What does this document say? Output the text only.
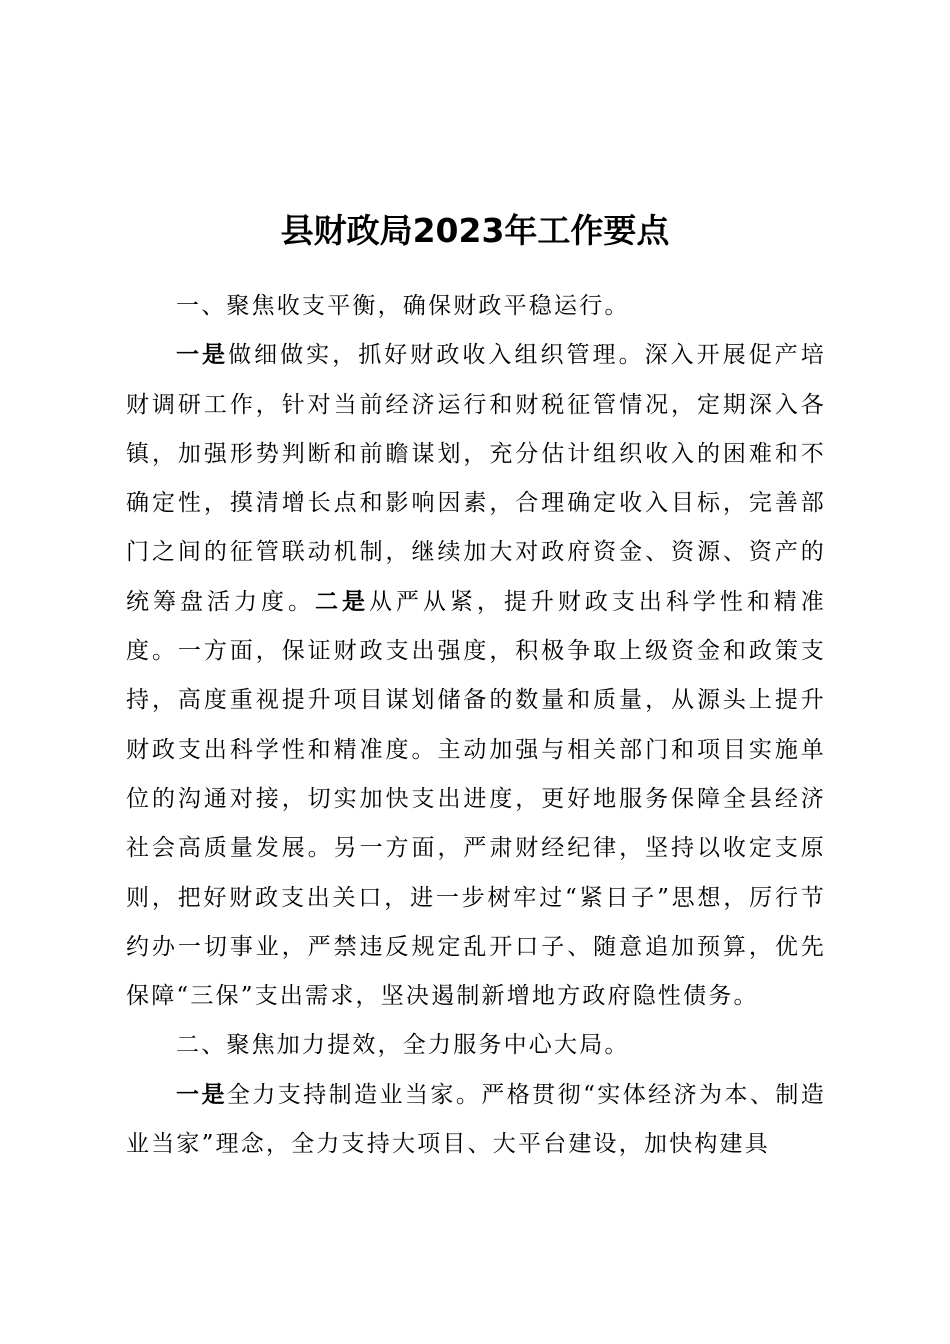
县财政局2023年工作要点

一、聚焦收支平衡，确保财政平稳运行。

一是做细做实，抓好财政收入组织管理。深入开展促产培财调研工作，针对当前经济运行和财税征管情况，定期深入各镇，加强形势判断和前瞻谋划，充分估计组织收入的困难和不确定性，摸清增长点和影响因素，合理确定收入目标，完善部门之间的征管联动机制，继续加大对政府资金、资源、资产的统筹盘活力度。二是从严从紧，提升财政支出科学性和精准度。一方面，保证财政支出强度，积极争取上级资金和政策支持，高度重视提升项目谋划储备的数量和质量，从源头上提升财政支出科学性和精准度。主动加强与相关部门和项目实施单位的沟通对接，切实加快支出进度，更好地服务保障全县经济社会高质量发展。另一方面，严肃财经纪律，坚持以收定支原则，把好财政支出关口，进一步树牢过“紧日子”思想，厉行节约办一切事业，严禁违反规定乱开口子、随意追加预算，优先保障“三保”支出需求，坚决遏制新增地方政府隐性债务。

二、聚焦加力提效，全力服务中心大局。

一是全力支持制造业当家。严格贯彻“实体经济为本、制造业当家”理念，全力支持大项目、大平台建设，加快构建具
